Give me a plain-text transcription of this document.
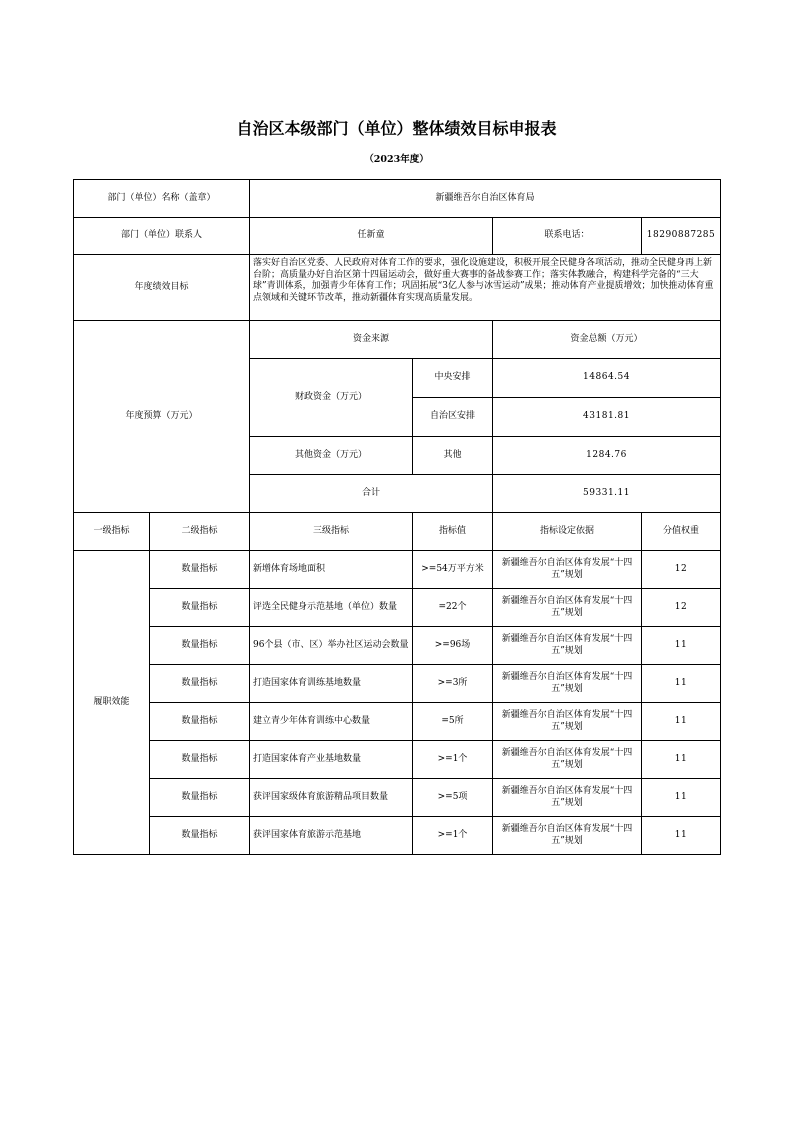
自治区本级部门（单位）整体绩效目标申报表
（2023年度）
部门（单位）名称（盖章）		新疆维吾尔自治区体育局			
部门（单位）联系人		任新童		联系电话：	18290887285
年度绩效目标		落实好自治区党委、人民政府对体育工作的要求，强化设施建设，积极开展全民健身各项活动，推动全民健身再上新台阶；高质量办好自治区第十四届运动会，做好重大赛事的备战参赛工作；落实体教融合，构建科学完备的“三大球”青训体系，加强青少年体育工作；巩固拓展“3亿人参与冰雪运动”成果；推动体育产业提质增效；加快推动体育重点领域和关键环节改革，推动新疆体育实现高质量发展。			
年度预算（万元）		资金来源		资金总额（万元）	
		财政资金（万元）	中央安排	14864.54	
			自治区安排	43181.81	
		其他资金（万元）	其他	1284.76	
		合计		59331.11	
一级指标	二级指标	三级指标	指标值	指标设定依据	分值权重
履职效能	数量指标	新增体育场地面积	>=54万平方米	新疆维吾尔自治区体育发展“十四五”规划	12
	数量指标	评选全民健身示范基地（单位）数量	=22个	新疆维吾尔自治区体育发展“十四五”规划	12
	数量指标	96个县（市、区）举办社区运动会数量	>=96场	新疆维吾尔自治区体育发展“十四五”规划	11
	数量指标	打造国家体育训练基地数量	>=3所	新疆维吾尔自治区体育发展“十四五”规划	11
	数量指标	建立青少年体育训练中心数量	=5所	新疆维吾尔自治区体育发展“十四五”规划	11
	数量指标	打造国家体育产业基地数量	>=1个	新疆维吾尔自治区体育发展“十四五”规划	11
	数量指标	获评国家级体育旅游精品项目数量	>=5项	新疆维吾尔自治区体育发展“十四五”规划	11
	数量指标	获评国家体育旅游示范基地	>=1个	新疆维吾尔自治区体育发展“十四五”规划	11
